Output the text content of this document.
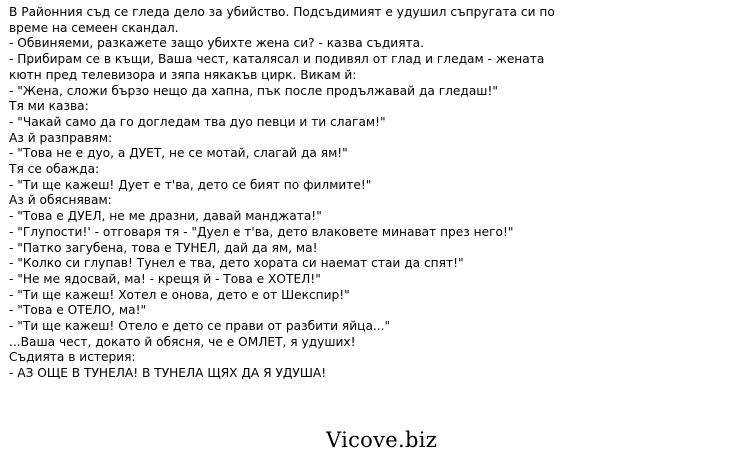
В Районния съд се гледа дело за убийство. Подсъдимият е удушил съпругата си по
време на семеен скандал.
- Обвиняеми, разкажете защо убихте жена си? - казва съдията.
- Прибирам се в къщи, Ваша чест, каталясал и подивял от глад и гледам - жената
кютн пред телевизора и зяпа някакъв цирк. Викам й:
- "Жена, сложи бързо нещо да хапна, пък после продължавай да гледаш!"
Тя ми казва:
- "Чакай само да го догледам тва дуо певци и ти слагам!"
Аз й разправям:
- "Това не е дуо, а ДУЕТ, не се мотай, слагай да ям!"
Тя се обажда:
- "Ти ще кажеш! Дует е т'ва, дето се бият по филмите!"
Аз й обяснявам:
- "Това е ДУЕЛ, не ме дразни, давай манджата!"
- "Глупости!' - отговаря тя - "Дуел е т'ва, дето влаковете минават през него!"
- "Патко загубена, това е ТУНЕЛ, дай да ям, ма!
- "Колко си глупав! Тунел е тва, дето хората си наемат стаи да спят!"
- "Не ме ядосвай, ма! - крещя й - Това е ХОТЕЛ!"
- "Ти ще кажеш! Хотел е онова, дето е от Шекспир!"
- "Това е ОТЕЛО, ма!"
- "Ти ще кажеш! Отело е дето се прави от разбити яйца..."
...Ваша чест, докато й обясня, че е ОМЛЕТ, я удуших!
Съдията в истерия:
- АЗ ОЩЕ В ТУНЕЛА! В ТУНЕЛА ЩЯХ ДА Я УДУША!
Vicove.biz
